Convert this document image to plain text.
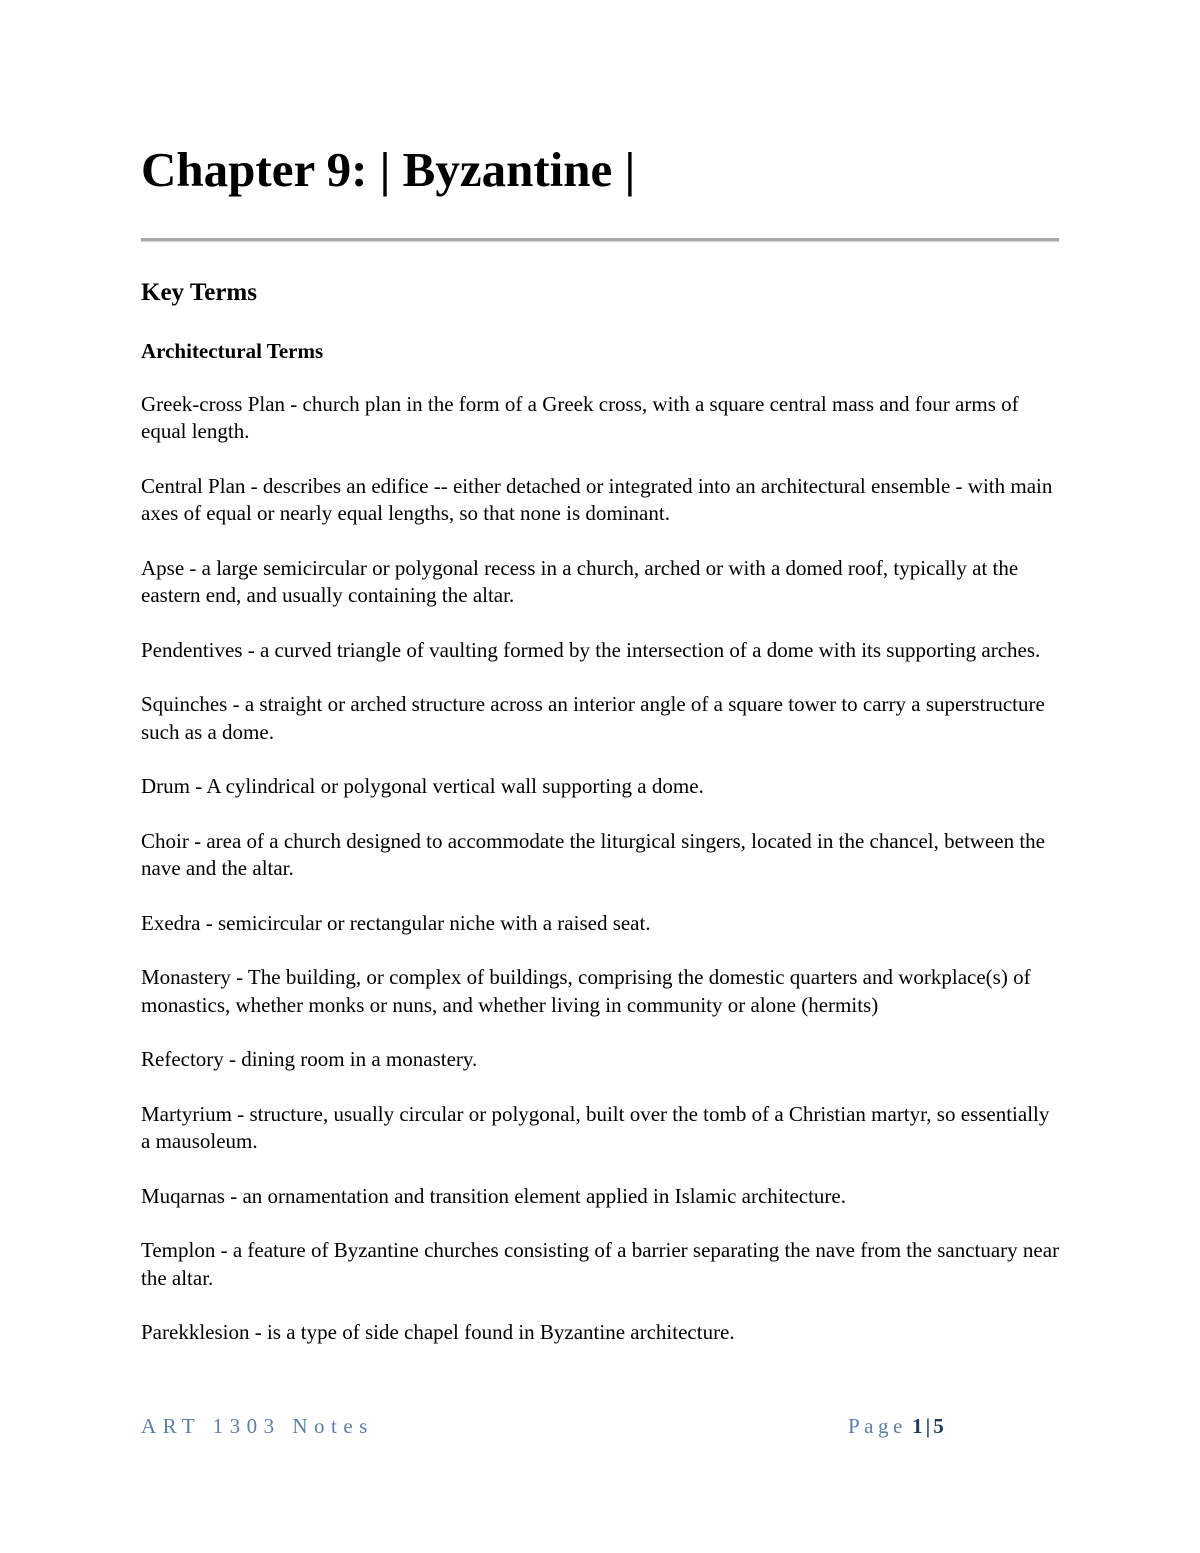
Chapter 9: | Byzantine |
Key Terms
Architectural Terms
Greek-cross Plan - church plan in the form of a Greek cross, with a square central mass and four arms of equal length.
Central Plan - describes an edifice -- either detached or integrated into an architectural ensemble - with main axes of equal or nearly equal lengths, so that none is dominant.
Apse - a large semicircular or polygonal recess in a church, arched or with a domed roof, typically at the eastern end, and usually containing the altar.
Pendentives - a curved triangle of vaulting formed by the intersection of a dome with its supporting arches.
Squinches - a straight or arched structure across an interior angle of a square tower to carry a superstructure such as a dome.
Drum - A cylindrical or polygonal vertical wall supporting a dome.
Choir - area of a church designed to accommodate the liturgical singers, located in the chancel, between the nave and the altar.
Exedra - semicircular or rectangular niche with a raised seat.
Monastery - The building, or complex of buildings, comprising the domestic quarters and workplace(s) of monastics, whether monks or nuns, and whether living in community or alone (hermits)
Refectory - dining room in a monastery.
Martyrium - structure, usually circular or polygonal, built over the tomb of a Christian martyr, so essentially a mausoleum.
Muqarnas - an ornamentation and transition element applied in Islamic architecture.
Templon - a feature of Byzantine churches consisting of a barrier separating the nave from the sanctuary near the altar.
Parekklesion - is a type of side chapel found in Byzantine architecture.
ART 1303 Notes	Page 1 | 5
